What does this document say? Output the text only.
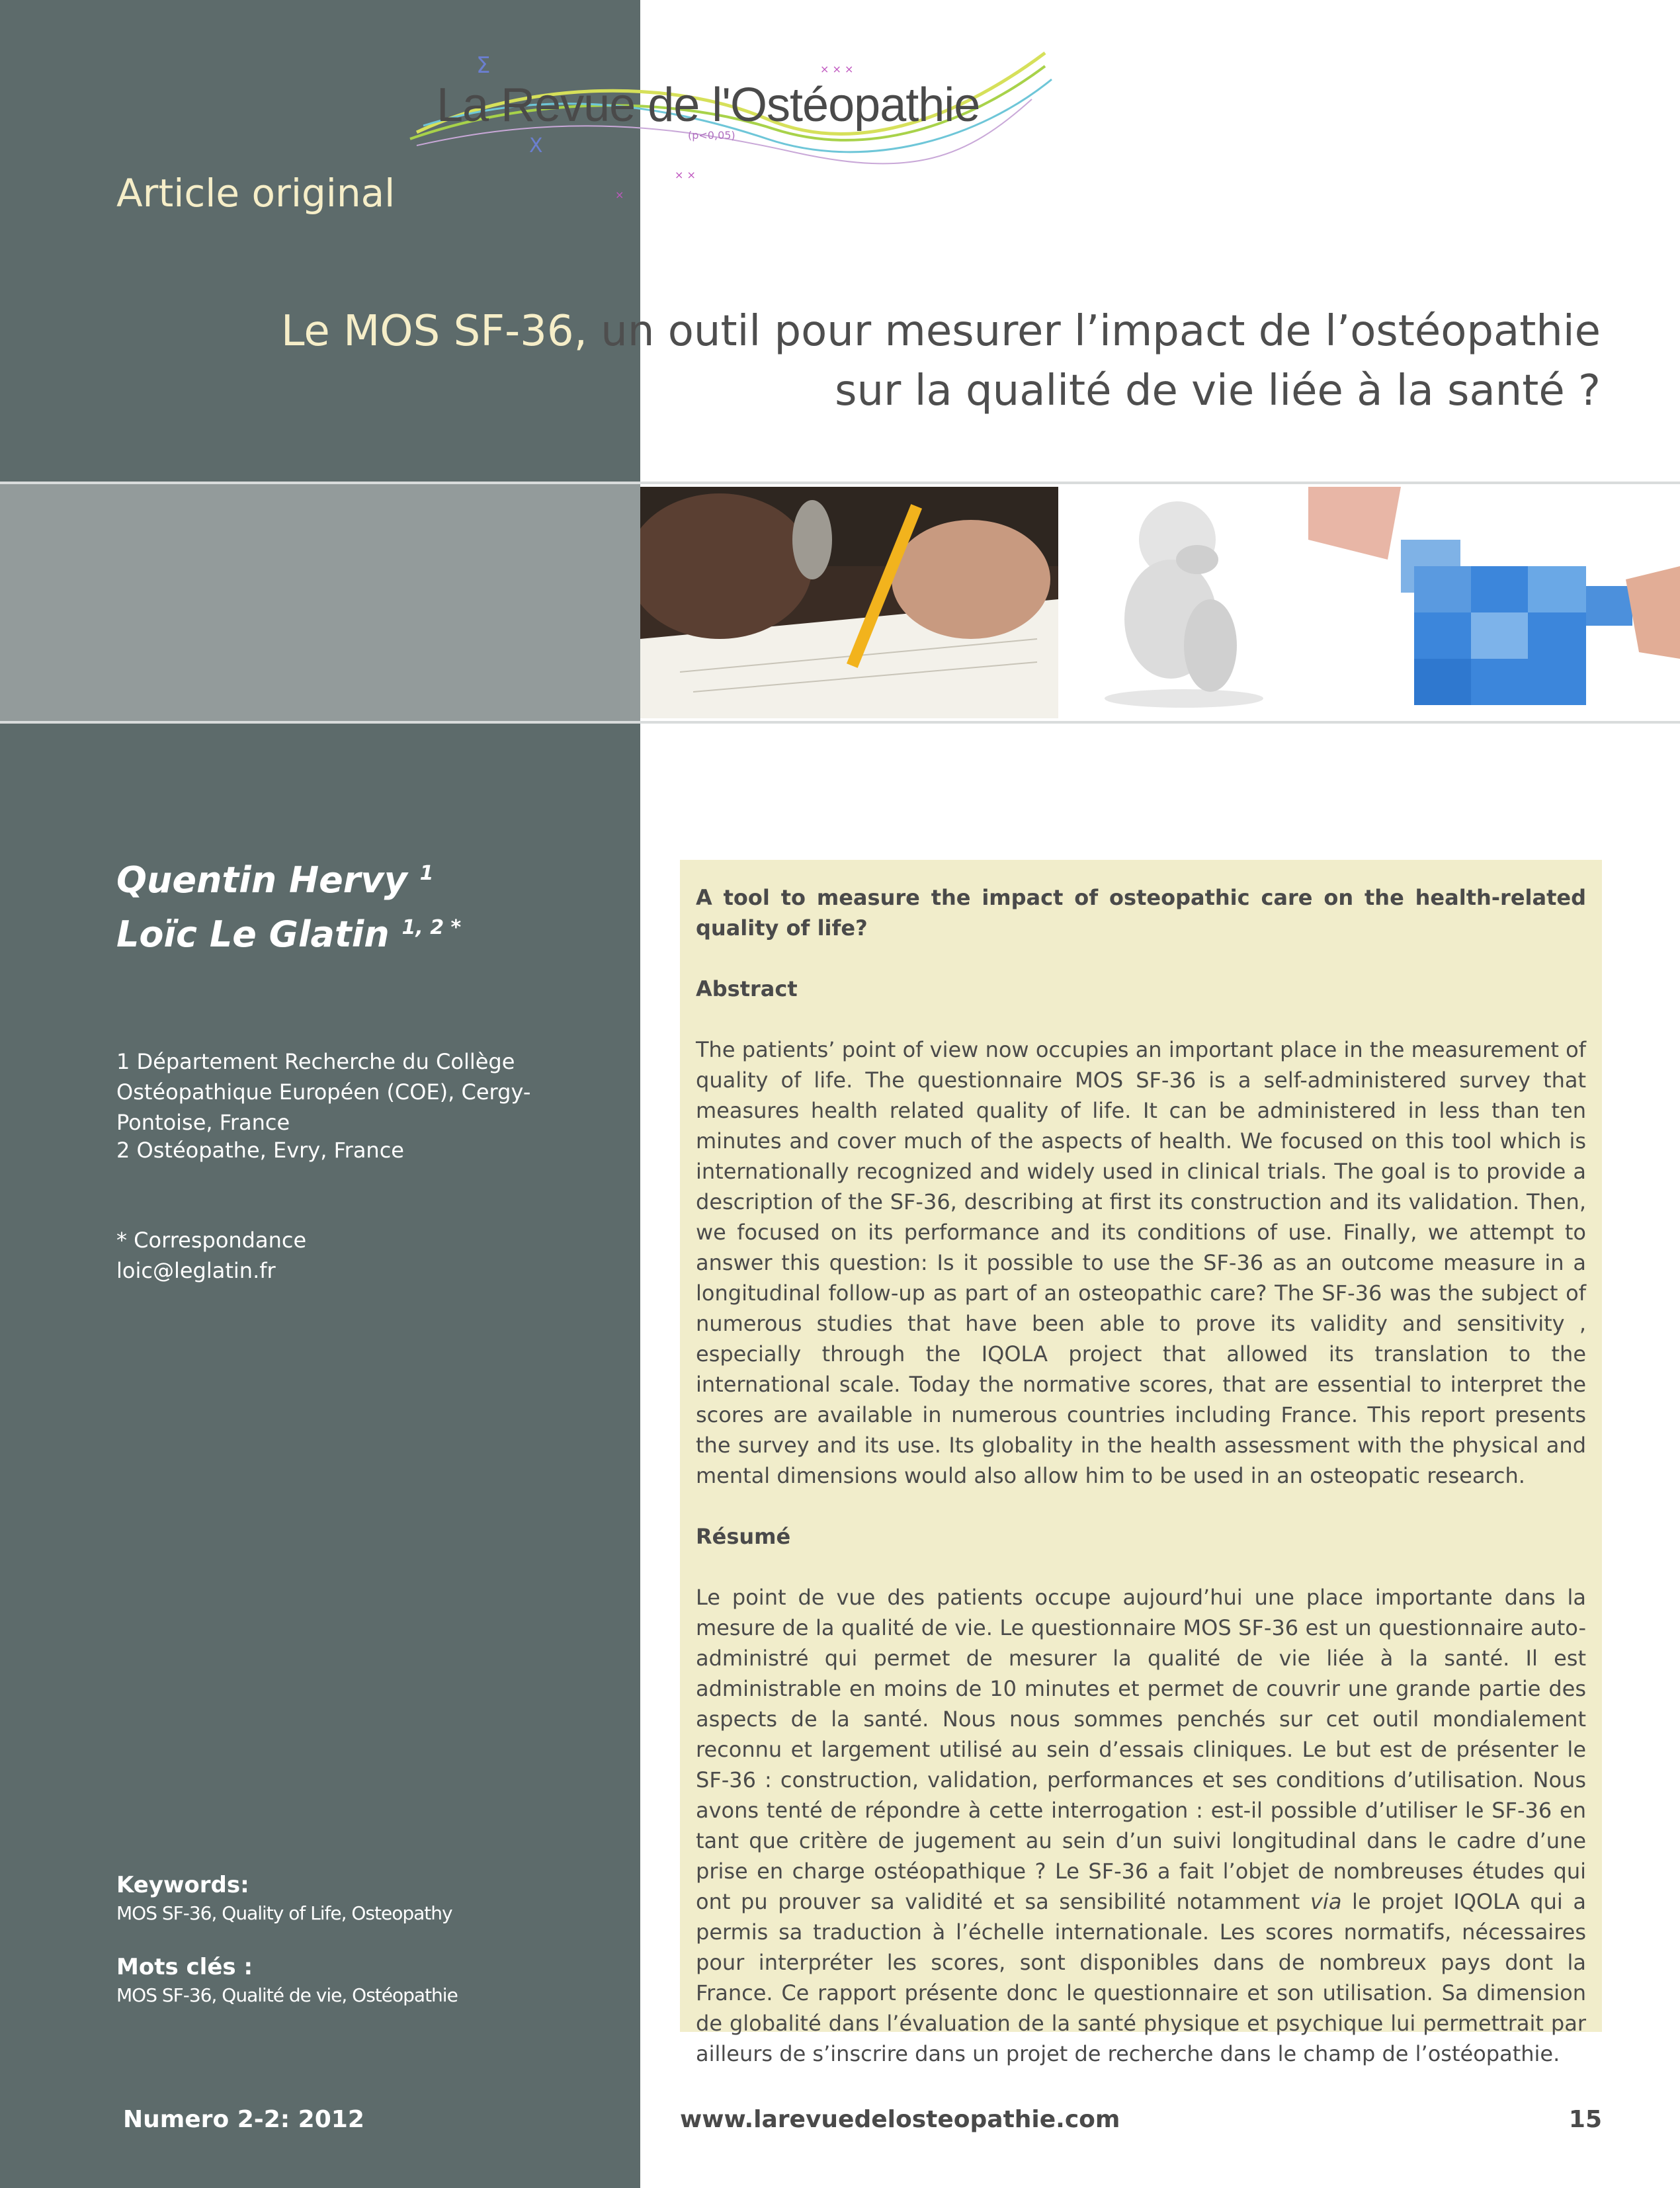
Σ
X	(p<0,05)
× × ×
× ×
×
La Revue de l'Ostéopathie
Article original
Le MOS SF-36, un outil pour mesurer l’impact de l’ostéopathie
sur la qualité de vie liée à la santé ?
Quentin Hervy $^1$
Loïc Le Glatin $^{1, 2 *}$
1 Département Recherche du Collège Ostéopathique Européen (COE), Cergy-Pontoise, France
2 Ostéopathe, Evry, France
* Correspondance
loic@leglatin.fr
Keywords:
MOS SF-36, Quality of Life, Osteopathy
Mots clés :
MOS SF-36, Qualité de vie, Ostéopathie
A tool to measure the impact of osteopathic care on the health-related quality of life?
Abstract

The patients’ point of view now occupies an important place in the measurement of quality of life. The questionnaire MOS SF-36 is a self-administered survey that measures health related quality of life. It can be administered in less than ten minutes and cover much of the aspects of health. We focused on this tool which is internationally recognized and widely used in clinical trials. The goal is to provide a description of the SF-36, describing at first its construction and its validation. Then, we focused on its performance and its conditions of use. Finally, we attempt to answer this question: Is it possible to use the SF-36 as an outcome measure in a longitudinal follow-up as part of an osteopathic care? The SF-36 was the subject of numerous studies that have been able to prove its validity and sensitivity , especially through the IQOLA project that allowed its translation to the international scale. Today the normative scores, that are essential to interpret the scores are available in numerous countries including France. This report presents the survey and its use. Its globality in the health assessment with the physical and mental dimensions would also allow him to be used in an osteopatic research.

Résumé

Le point de vue des patients occupe aujourd’hui une place importante dans la mesure de la qualité de vie. Le questionnaire MOS SF-36 est un questionnaire auto-administré qui permet de mesurer la qualité de vie liée à la santé. Il est administrable en moins de 10 minutes et permet de couvrir une grande partie des aspects de la santé. Nous nous sommes penchés sur cet outil mondialement reconnu et largement utilisé au sein d’essais cliniques. Le but est de présenter le SF-36 : construction, validation, performances et ses conditions d’utilisation. Nous avons tenté de répondre à cette interrogation : est-il possible d’utiliser le SF-36 en tant que critère de jugement au sein d’un suivi longitudinal dans le cadre d’une prise en charge ostéopathique ? Le SF-36 a fait l’objet de nombreuses études qui ont pu prouver sa validité et sa sensibilité notamment via le projet IQOLA qui a permis sa traduction à l’échelle internationale. Les scores normatifs, nécessaires pour interpréter les scores, sont disponibles dans de nombreux pays dont la France. Ce rapport présente donc le questionnaire et son utilisation. Sa dimension de globalité dans l’évaluation de la santé physique et psychique lui permettrait par ailleurs de s’inscrire dans un projet de recherche dans le champ de l’ostéopathie.

Numero 2-2: 2012	www.larevuedelosteopathie.com	15
